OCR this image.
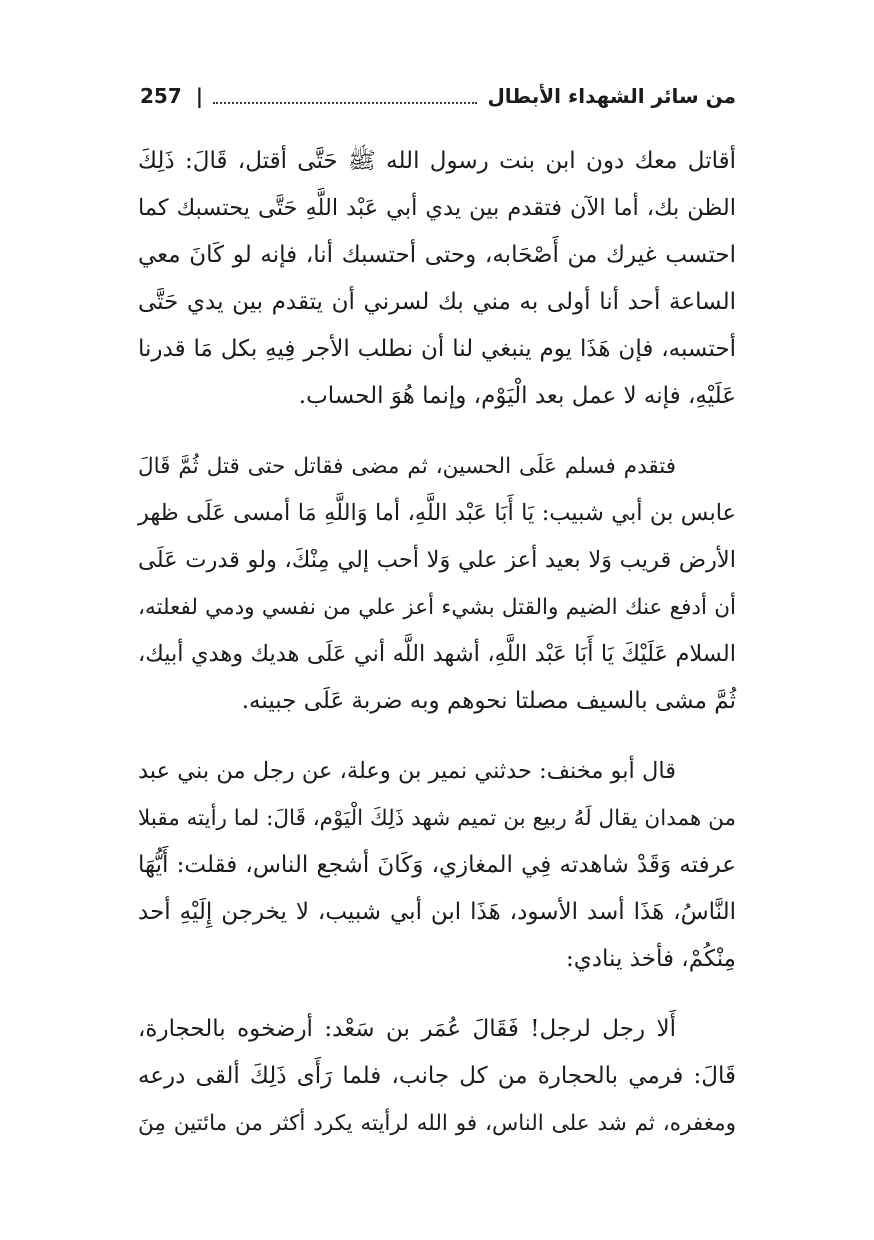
من سائر الشهداء الأبطال
|
257
أقاتل معك دون ابن بنت رسول الله ﷺ حَتَّى أقتل، قَالَ: ذَلِكَ
الظن بك، أما الآن فتقدم بين يدي أبي عَبْد اللَّهِ حَتَّى يحتسبك كما
احتسب غيرك من أَصْحَابه، وحتى أحتسبك أنا، فإنه لو كَانَ معي
الساعة أحد أنا أولى به مني بك لسرني أن يتقدم بين يدي حَتَّى
أحتسبه، فإن هَذَا يوم ينبغي لنا أن نطلب الأجر فِيهِ بكل مَا قدرنا
عَلَيْهِ، فإنه لا عمل بعد الْيَوْم، وإنما هُوَ الحساب.
فتقدم فسلم عَلَى الحسين، ثم مضى فقاتل حتى قتل ثُمَّ قَالَ
عابس بن أبي شبيب: يَا أَبَا عَبْد اللَّهِ، أما وَاللَّهِ مَا أمسى عَلَى ظهر
الأرض قريب وَلا بعيد أعز علي وَلا أحب إلي مِنْكَ، ولو قدرت عَلَى
أن أدفع عنك الضيم والقتل بشيء أعز علي من نفسي ودمي لفعلته،
السلام عَلَيْكَ يَا أَبَا عَبْد اللَّهِ، أشهد اللَّه أني عَلَى هديك وهدي أبيك،
ثُمَّ مشى بالسيف مصلتا نحوهم وبه ضربة عَلَى جبينه.
قال أبو مخنف: حدثني نمير بن وعلة، عن رجل من بني عبد
من همدان يقال لَهُ ربيع بن تميم شهد ذَلِكَ الْيَوْم، قَالَ: لما رأيته مقبلا
عرفته وَقَدْ شاهدته فِي المغازي، وَكَانَ أشجع الناس، فقلت: أَيُّهَا
النَّاسُ، هَذَا أسد الأسود، هَذَا ابن أبي شبيب، لا يخرجن إِلَيْهِ أحد
مِنْكُمْ، فأخذ ينادي:
أَلا رجل لرجل! فَقَالَ عُمَر بن سَعْد: أرضخوه بالحجارة،
قَالَ: فرمي بالحجارة من كل جانب، فلما رَأَى ذَلِكَ ألقى درعه
ومغفره، ثم شد على الناس، فو الله لرأيته يكرد أكثر من مائتين مِنَ
